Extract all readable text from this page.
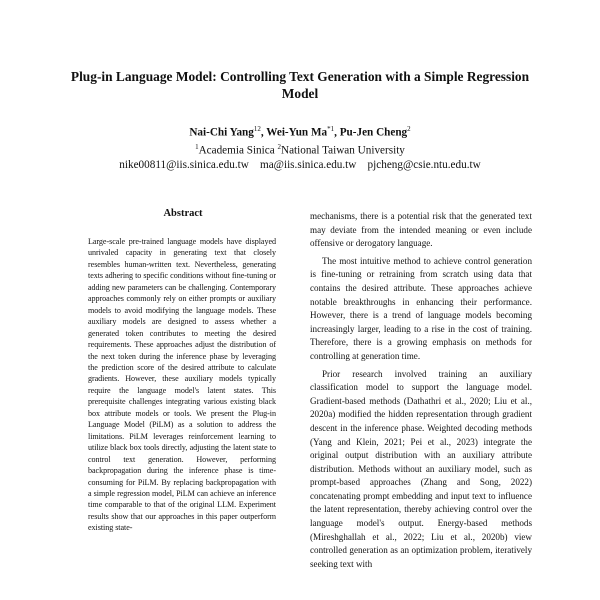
Plug-in Language Model: Controlling Text Generation with a Simple Regression Model
Nai-Chi Yang$^{12}$, Wei-Yun Ma$^{*1}$, Pu-Jen Cheng$^2$
$^1$Academia Sinica $^2$National Taiwan University
nike00811@iis.sinica.edu.tw    ma@iis.sinica.edu.tw    pjcheng@csie.ntu.edu.tw
Abstract
Large-scale pre-trained language models have displayed unrivaled capacity in generating text that closely resembles human-written text. Nevertheless, generating texts adhering to specific conditions without fine-tuning or adding new parameters can be challenging. Contemporary approaches commonly rely on either prompts or auxiliary models to avoid modifying the language models. These auxiliary models are designed to assess whether a generated token contributes to meeting the desired requirements. These approaches adjust the distribution of the next token during the inference phase by leveraging the prediction score of the desired attribute to calculate gradients. However, these auxiliary models typically require the language model's latent states. This prerequisite challenges integrating various existing black box attribute models or tools. We present the Plug-in Language Model (PiLM) as a solution to address the limitations. PiLM leverages reinforcement learning to utilize black box tools directly, adjusting the latent state to control text generation. However, performing backpropagation during the inference phase is time-consuming for PiLM. By replacing backpropagation with a simple regression model, PiLM can achieve an inference time comparable to that of the original LLM. Experiment results show that our approaches in this paper outperform existing state-

mechanisms, there is a potential risk that the generated text may deviate from the intended meaning or even include offensive or derogatory language.

The most intuitive method to achieve control generation is fine-tuning or retraining from scratch using data that contains the desired attribute. These approaches achieve notable breakthroughs in enhancing their performance. However, there is a trend of language models becoming increasingly larger, leading to a rise in the cost of training. Therefore, there is a growing emphasis on methods for controlling at generation time.

Prior research involved training an auxiliary classification model to support the language model. Gradient-based methods (Dathathri et al., 2020; Liu et al., 2020a) modified the hidden representation through gradient descent in the inference phase. Weighted decoding methods (Yang and Klein, 2021; Pei et al., 2023) integrate the original output distribution with an auxiliary attribute distribution. Methods without an auxiliary model, such as prompt-based approaches (Zhang and Song, 2022) concatenating prompt embedding and input text to influence the latent representation, thereby achieving control over the language model's output. Energy-based methods (Mireshghallah et al., 2022; Liu et al., 2020b) view controlled generation as an optimization problem, iteratively seeking text with
